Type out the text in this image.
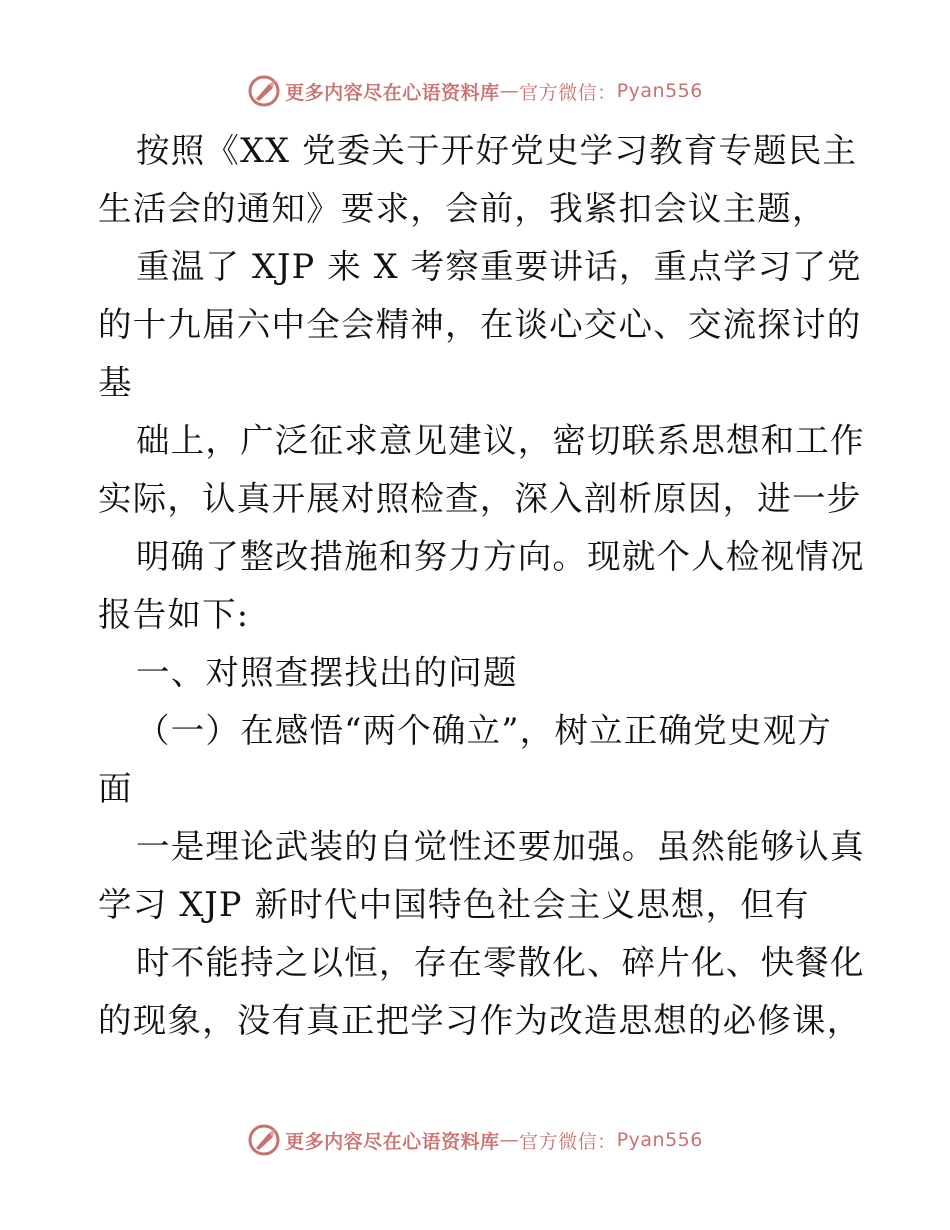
更多内容尽在心语资料库 — 官方微信： Pyan556
按照《XX 党委关于开好党史学习教育专题民主
生活会的通知》要求，会前，我紧扣会议主题，
重温了 XJP 来 X 考察重要讲话，重点学习了党
的十九届六中全会精神，在谈心交心、交流探讨的
基
础上，广泛征求意见建议，密切联系思想和工作
实际，认真开展对照检查，深入剖析原因，进一步
明确了整改措施和努力方向。现就个人检视情况
报告如下:
一、对照查摆找出的问题
（一）在感悟“两个确立”，树立正确党史观方
面
一是理论武装的自觉性还要加强。虽然能够认真
学习 XJP 新时代中国特色社会主义思想，但有
时不能持之以恒，存在零散化、碎片化、快餐化
的现象，没有真正把学习作为改造思想的必修课，
更多内容尽在心语资料库 — 官方微信： Pyan556
